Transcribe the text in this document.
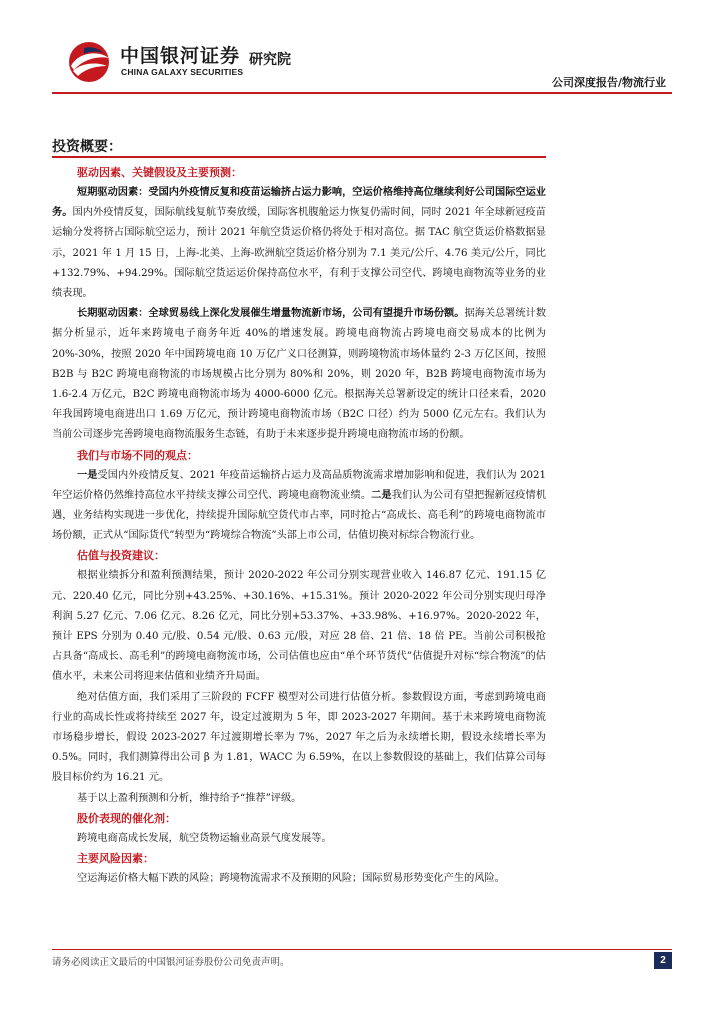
中国银河证券
CHINA GALAXY SECURITIES
研究院
公司深度报告/物流行业
投资概要：
驱动因素、关键假设及主要预测：

短期驱动因素：受国内外疫情反复和疫苗运输挤占运力影响，空运价格维持高位继续利好公司国际空运业务。国内外疫情反复，国际航线复航节奏放缓，国际客机腹舱运力恢复仍需时间，同时 2021 年全球新冠疫苗运输分发将挤占国际航空运力，预计 2021 年航空货运价格仍将处于相对高位。据 TAC 航空货运价格数据显示，2021 年 1 月 15 日，上海-北美、上海-欧洲航空货运价格分别为 7.1 美元/公斤、4.76 美元/公斤，同比+132.79%、+94.29%。国际航空货运运价保持高位水平，有利于支撑公司空代、跨境电商物流等业务的业绩表现。

长期驱动因素：全球贸易线上深化发展催生增量物流新市场，公司有望提升市场份额。据海关总署统计数据分析显示，近年来跨境电子商务年近 40%的增速发展。跨境电商物流占跨境电商交易成本的比例为 20%-30%，按照 2020 年中国跨境电商 10 万亿广义口径测算，则跨境物流市场体量约 2-3 万亿区间，按照 B2B 与 B2C 跨境电商物流的市场规模占比分别为 80%和 20%，则 2020 年，B2B 跨境电商物流市场为 1.6-2.4 万亿元，B2C 跨境电商物流市场为 4000-6000 亿元。根据海关总署新设定的统计口径来看，2020 年我国跨境电商进出口 1.69 万亿元，预计跨境电商物流市场（B2C 口径）约为 5000 亿元左右。我们认为当前公司逐步完善跨境电商物流服务生态链，有助于未来逐步提升跨境电商物流市场的份额。

我们与市场不同的观点：

一是受国内外疫情反复、2021 年疫苗运输挤占运力及高品质物流需求增加影响和促进，我们认为 2021 年空运价格仍然维持高位水平持续支撑公司空代、跨境电商物流业绩。二是我们认为公司有望把握新冠疫情机遇，业务结构实现进一步优化，持续提升国际航空货代市占率，同时抢占“高成长、高毛利”的跨境电商物流市场份额，正式从“国际货代”转型为“跨境综合物流”头部上市公司，估值切换对标综合物流行业。

估值与投资建议：

根据业绩拆分和盈利预测结果，预计 2020-2022 年公司分别实现营业收入 146.87 亿元、191.15 亿元、220.40 亿元，同比分别+43.25%、+30.16%、+15.31%。预计 2020-2022 年公司分别实现归母净利润 5.27 亿元、7.06 亿元、8.26 亿元，同比分别+53.37%、+33.98%、+16.97%。2020-2022 年，预计 EPS 分别为 0.40 元/股、0.54 元/股、0.63 元/股，对应 28 倍、21 倍、18 倍 PE。当前公司积极抢占具备“高成长、高毛利”的跨境电商物流市场，公司估值也应由“单个环节货代”估值提升对标“综合物流”的估值水平，未来公司将迎来估值和业绩齐升局面。

绝对估值方面，我们采用了三阶段的 FCFF 模型对公司进行估值分析。参数假设方面，考虑到跨境电商行业的高成长性或将持续至 2027 年，设定过渡期为 5 年，即 2023-2027 年期间。基于未来跨境电商物流市场稳步增长，假设 2023-2027 年过渡期增长率为 7%，2027 年之后为永续增长期，假设永续增长率为 0.5%。同时，我们测算得出公司 β 为 1.81，WACC 为 6.59%，在以上参数假设的基础上，我们估算公司每股目标价约为 16.21 元。

基于以上盈利预测和分析，维持给予“推荐”评级。

股价表现的催化剂：

跨境电商高成长发展，航空货物运输业高景气度发展等。

主要风险因素：

空运海运价格大幅下跌的风险；跨境物流需求不及预期的风险；国际贸易形势变化产生的风险。

请务必阅读正文最后的中国银河证券股份公司免责声明。	2
